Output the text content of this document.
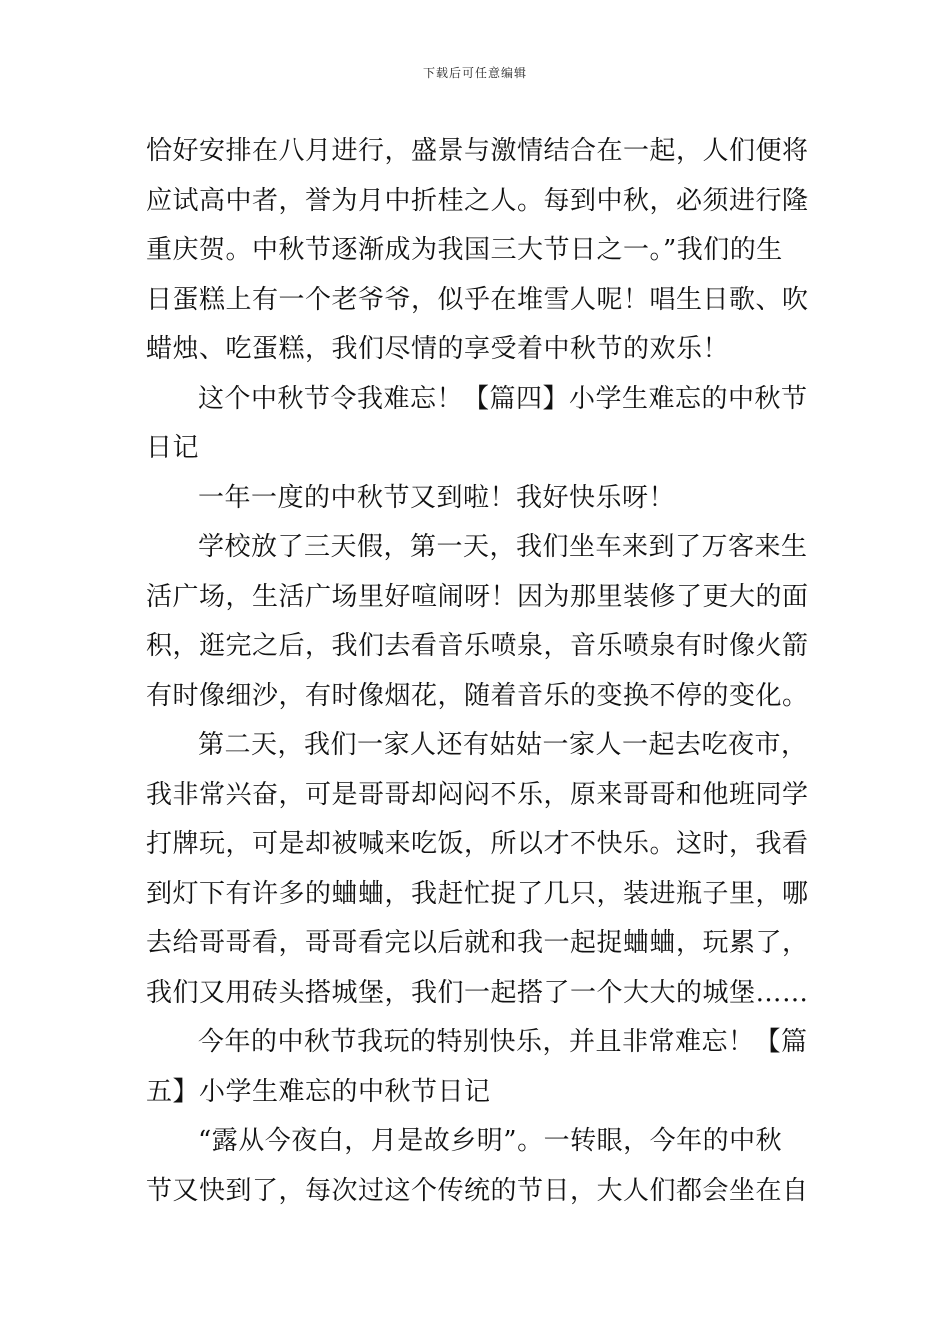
下载后可任意编辑
恰好安排在八月进行，盛景与激情结合在一起，人们便将
应试高中者，誉为月中折桂之人。每到中秋，必须进行隆
重庆贺。中秋节逐渐成为我国三大节日之一。”我们的生
日蛋糕上有一个老爷爷，似乎在堆雪人呢！唱生日歌、吹
蜡烛、吃蛋糕，我们尽情的享受着中秋节的欢乐！
这个中秋节令我难忘！【篇四】小学生难忘的中秋节
日记
一年一度的中秋节又到啦！我好快乐呀！
学校放了三天假，第一天，我们坐车来到了万客来生
活广场，生活广场里好喧闹呀！因为那里装修了更大的面
积，逛完之后，我们去看音乐喷泉，音乐喷泉有时像火箭
有时像细沙，有时像烟花，随着音乐的变换不停的变化。
第二天，我们一家人还有姑姑一家人一起去吃夜市，
我非常兴奋，可是哥哥却闷闷不乐，原来哥哥和他班同学
打牌玩，可是却被喊来吃饭，所以才不快乐。这时，我看
到灯下有许多的蛐蛐，我赶忙捉了几只，装进瓶子里，哪
去给哥哥看，哥哥看完以后就和我一起捉蛐蛐，玩累了，
我们又用砖头搭城堡，我们一起搭了一个大大的城堡……
今年的中秋节我玩的特别快乐，并且非常难忘！【篇
五】小学生难忘的中秋节日记
“露从今夜白，月是故乡明”。一转眼，今年的中秋
节又快到了，每次过这个传统的节日，大人们都会坐在自
